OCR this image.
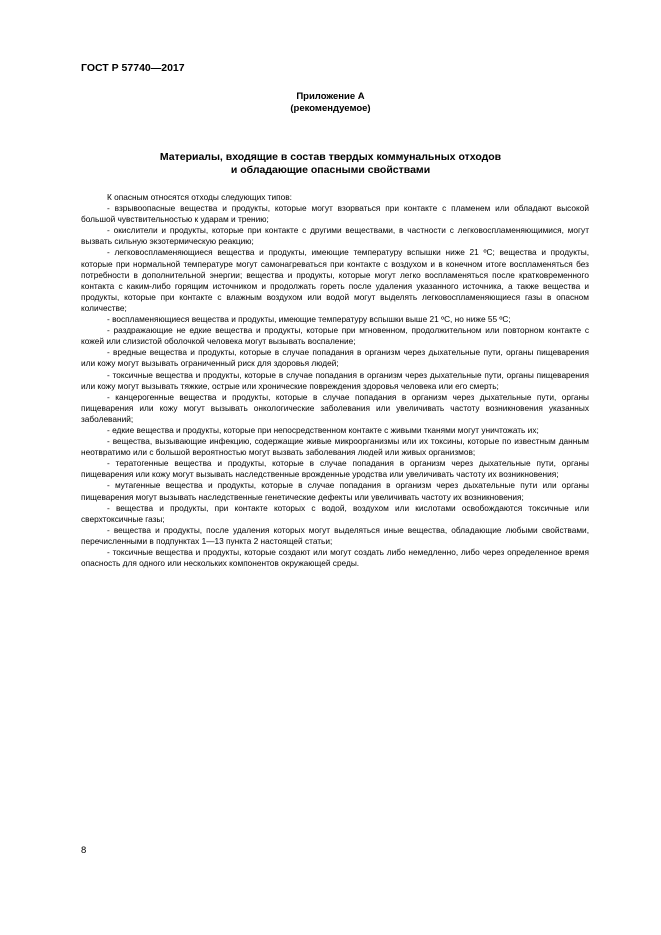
ГОСТ Р 57740—2017
Приложение А
(рекомендуемое)
Материалы, входящие в состав твердых коммунальных отходов
и обладающие опасными свойствами

К опасным относятся отходы следующих типов:

- взрывоопасные вещества и продукты, которые могут взорваться при контакте с пламенем или обладают высокой большой чувствительностью к ударам и трению;

- окислители и продукты, которые при контакте с другими веществами, в частности с легковоспламеняющимися, могут вызвать сильную экзотермическую реакцию;

- легковоспламеняющиеся вещества и продукты, имеющие температуру вспышки ниже 21 ºС; вещества и продукты, которые при нормальной температуре могут самонагреваться при контакте с воздухом и в конечном итоге воспламеняться без потребности в дополнительной энергии; вещества и продукты, которые могут легко воспламеняться после кратковременного контакта с каким-либо горящим источником и продолжать гореть после удаления указанного источника, а также вещества и продукты, которые при контакте с влажным воздухом или водой могут выделять легковоспламеняющиеся газы в опасном количестве;

- воспламеняющиеся вещества и продукты, имеющие температуру вспышки выше 21 ºС, но ниже 55 ºС;

- раздражающие не едкие вещества и продукты, которые при мгновенном, продолжительном или повторном контакте с кожей или слизистой оболочкой человека могут вызывать воспаление;

- вредные вещества и продукты, которые в случае попадания в организм через дыхательные пути, органы пищеварения или кожу могут вызывать ограниченный риск для здоровья людей;

- токсичные вещества и продукты, которые в случае попадания в организм через дыхательные пути, органы пищеварения или кожу могут вызывать тяжкие, острые или хронические повреждения здоровья человека или его смерть;

- канцерогенные вещества и продукты, которые в случае попадания в организм через дыхательные пути, органы пищеварения или кожу могут вызывать онкологические заболевания или увеличивать частоту возникновения указанных заболеваний;

- едкие вещества и продукты, которые при непосредственном контакте с живыми тканями могут уничтожать их;

- вещества, вызывающие инфекцию, содержащие живые микроорганизмы или их токсины, которые по известным данным неотвратимо или с большой вероятностью могут вызвать заболевания людей или живых организмов;

- тератогенные вещества и продукты, которые в случае попадания в организм через дыхательные пути, органы пищеварения или кожу могут вызывать наследственные врожденные уродства или увеличивать частоту их возникновения;

- мутагенные вещества и продукты, которые в случае попадания в организм через дыхательные пути или органы пищеварения могут вызывать наследственные генетические дефекты или увеличивать частоту их возникновения;

- вещества и продукты, при контакте которых с водой, воздухом или кислотами освобождаются токсичные или сверхтоксичные газы;

- вещества и продукты, после удаления которых могут выделяться иные вещества, обладающие любыми свойствами, перечисленными в подпунктах 1—13 пункта 2 настоящей статьи;

- токсичные вещества и продукты, которые создают или могут создать либо немедленно, либо через определенное время опасность для одного или нескольких компонентов окружающей среды.

8
